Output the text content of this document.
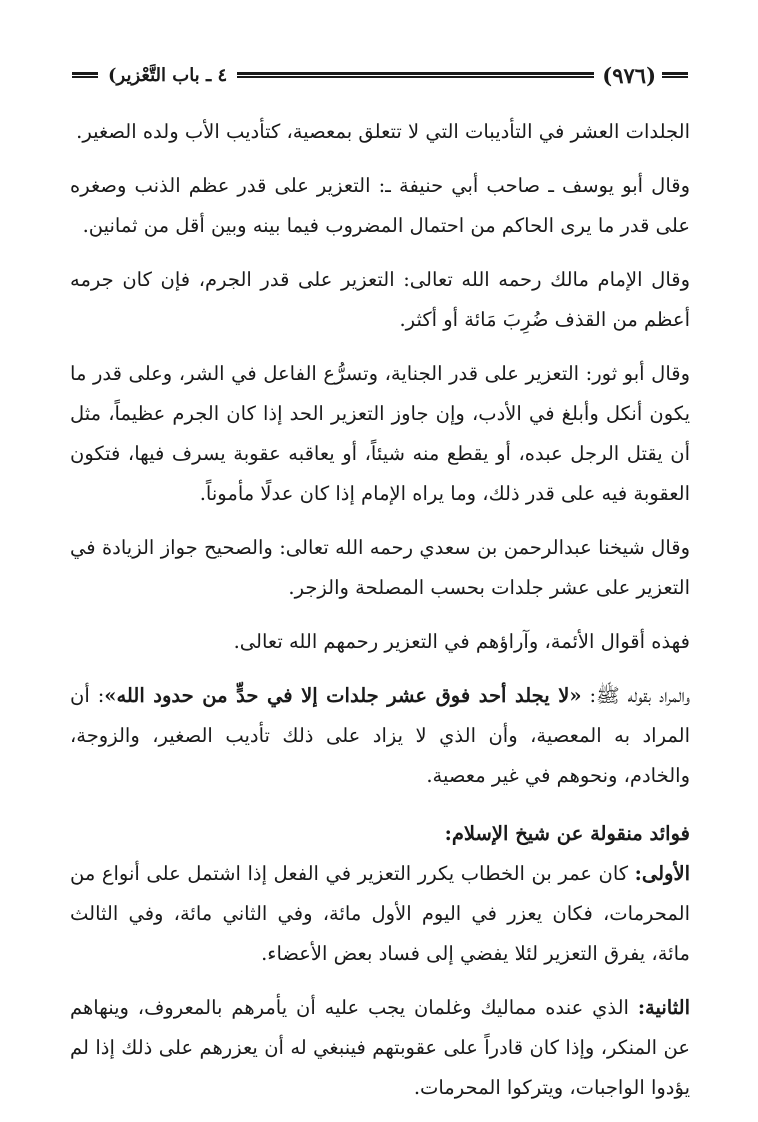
(٩٧٦)
٤ ـ باب التَّعْزير)

الجلدات العشر في التأديبات التي لا تتعلق بمعصية، كتأديب الأب ولده الصغير.

وقال أبو يوسف ـ صاحب أبي حنيفة ـ: التعزير على قدر عظم الذنب وصغره على قدر ما يرى الحاكم من احتمال المضروب فيما بينه وبين أقل من ثمانين.

وقال الإمام مالك رحمه الله تعالى: التعزير على قدر الجرم، فإن كان جرمه أعظم من القذف ضُرِبَ مَائة أو أكثر.

وقال أبو ثور: التعزير على قدر الجناية، وتسرُّع الفاعل في الشر، وعلى قدر ما يكون أنكل وأبلغ في الأدب، وإن جاوز التعزير الحد إذا كان الجرم عظيماً، مثل أن يقتل الرجل عبده، أو يقطع منه شيئاً، أو يعاقبه عقوبة يسرف فيها، فتكون العقوبة فيه على قدر ذلك، وما يراه الإمام إذا كان عدلًا مأموناً.

وقال شيخنا عبدالرحمن بن سعدي رحمه الله تعالى: والصحيح جواز الزيادة في التعزير على عشر جلدات بحسب المصلحة والزجر.

فهذه أقوال الأئمة، وآراؤهم في التعزير رحمهم الله تعالى.

والمراد بقوله ﷺ: «لا يجلد أحد فوق عشر جلدات إلا في حدٍّ من حدود الله»: أن المراد به المعصية، وأن الذي لا يزاد على ذلك تأديب الصغير، والزوجة، والخادم، ونحوهم في غير معصية.

فوائد منقولة عن شيخ الإسلام:

الأولى: كان عمر بن الخطاب يكرر التعزير في الفعل إذا اشتمل على أنواع من المحرمات، فكان يعزر في اليوم الأول مائة، وفي الثاني مائة، وفي الثالث مائة، يفرق التعزير لئلا يفضي إلى فساد بعض الأعضاء.

الثانية: الذي عنده مماليك وغلمان يجب عليه أن يأمرهم بالمعروف، وينهاهم عن المنكر، وإذا كان قادراً على عقوبتهم فينبغي له أن يعزرهم على ذلك إذا لم يؤدوا الواجبات، ويتركوا المحرمات.
